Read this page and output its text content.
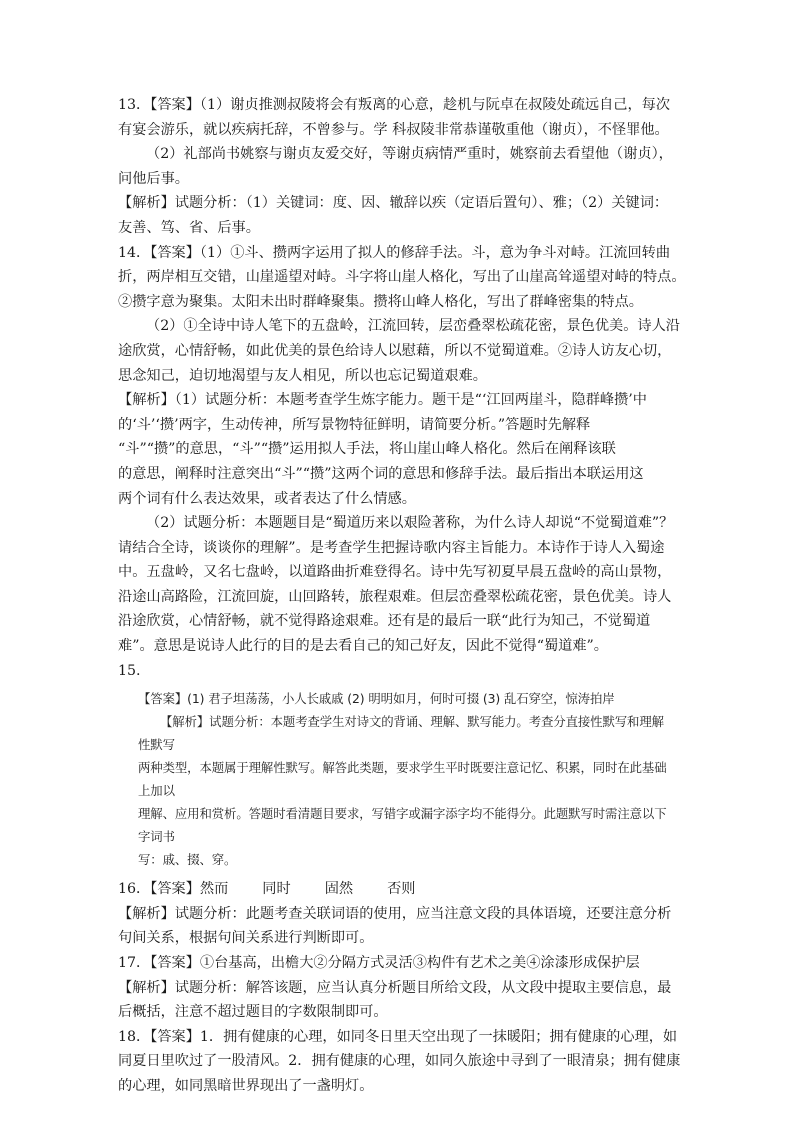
13．【答案】（1）谢贞推测叔陵将会有叛离的心意，趁机与阮卓在叔陵处疏远自己，每次

有宴会游乐，就以疾病托辞，不曾参与。学 科叔陵非常恭谨敬重他（谢贞），不怪罪他。

（2）礼部尚书姚察与谢贞友爱交好，等谢贞病情严重时，姚察前去看望他（谢贞），

问他后事。

【解析】试题分析：（1）关键词：度、因、辙辞以疾（定语后置句）、雅；（2）关键词：

友善、笃、省、后事。

14．【答案】（1）①斗、攒两字运用了拟人的修辞手法。斗，意为争斗对峙。江流回转曲

折，两岸相互交错，山崖遥望对峙。斗字将山崖人格化，写出了山崖高耸遥望对峙的特点。

②攒字意为聚集。太阳未出时群峰聚集。攒将山峰人格化，写出了群峰密集的特点。

（2）①全诗中诗人笔下的五盘岭，江流回转，层峦叠翠松疏花密，景色优美。诗人沿

途欣赏，心情舒畅，如此优美的景色给诗人以慰藉，所以不觉蜀道难。②诗人访友心切，

思念知己，迫切地渴望与友人相见，所以也忘记蜀道艰难。

【解析】（1）试题分析：本题考查学生炼字能力。题干是“‘江回两崖斗，隐群峰攒’中

的‘斗’‘攒’两字，生动传神，所写景物特征鲜明，请简要分析。”答题时先解释

“斗”“攒”的意思，“斗”“攒”运用拟人手法，将山崖山峰人格化。然后在阐释该联

的意思，阐释时注意突出“斗”“攒”这两个词的意思和修辞手法。最后指出本联运用这

两个词有什么表达效果，或者表达了什么情感。

（2）试题分析：本题题目是“蜀道历来以艰险著称，为什么诗人却说“不觉蜀道难”？

请结合全诗，谈谈你的理解”。是考查学生把握诗歌内容主旨能力。本诗作于诗人入蜀途

中。五盘岭，又名七盘岭，以道路曲折难登得名。诗中先写初夏早晨五盘岭的高山景物，

沿途山高路险，江流回旋，山回路转，旅程艰难。但层峦叠翠松疏花密，景色优美。诗人

沿途欣赏，心情舒畅，就不觉得路途艰难。还有是的最后一联“此行为知己，不觉蜀道

难”。意思是说诗人此行的目的是去看自己的知己好友，因此不觉得“蜀道难”。

15.

【答案】(1) 君子坦荡荡，小人长戚戚 (2) 明明如月，何时可掇 (3) 乱石穿空，惊涛拍岸
【解析】试题分析：本题考查学生对诗文的背诵、理解、默写能力。考查分直接性默写和理解性默写
两种类型，本题属于理解性默写。解答此类题，要求学生平时既要注意记忆、积累，同时在此基础上加以
理解、应用和赏析。答题时看清题目要求，写错字或漏字添字均不能得分。此题默写时需注意以下字词书
写：戚、掇、穿。

16．【答案】然而 同时 固然 否则

【解析】试题分析：此题考查关联词语的使用，应当注意文段的具体语境，还要注意分析

句间关系，根据句间关系进行判断即可。

17．【答案】①台基高，出檐大②分隔方式灵活③构件有艺术之美④涂漆形成保护层

【解析】试题分析：解答该题，应当认真分析题目所给文段，从文段中提取主要信息，最

后概括，注意不超过题目的字数限制即可。

18．【答案】1．拥有健康的心理，如同冬日里天空出现了一抹暖阳；拥有健康的心理，如

同夏日里吹过了一股清风。2．拥有健康的心理，如同久旅途中寻到了一眼清泉；拥有健康

的心理，如同黑暗世界现出了一盏明灯。
